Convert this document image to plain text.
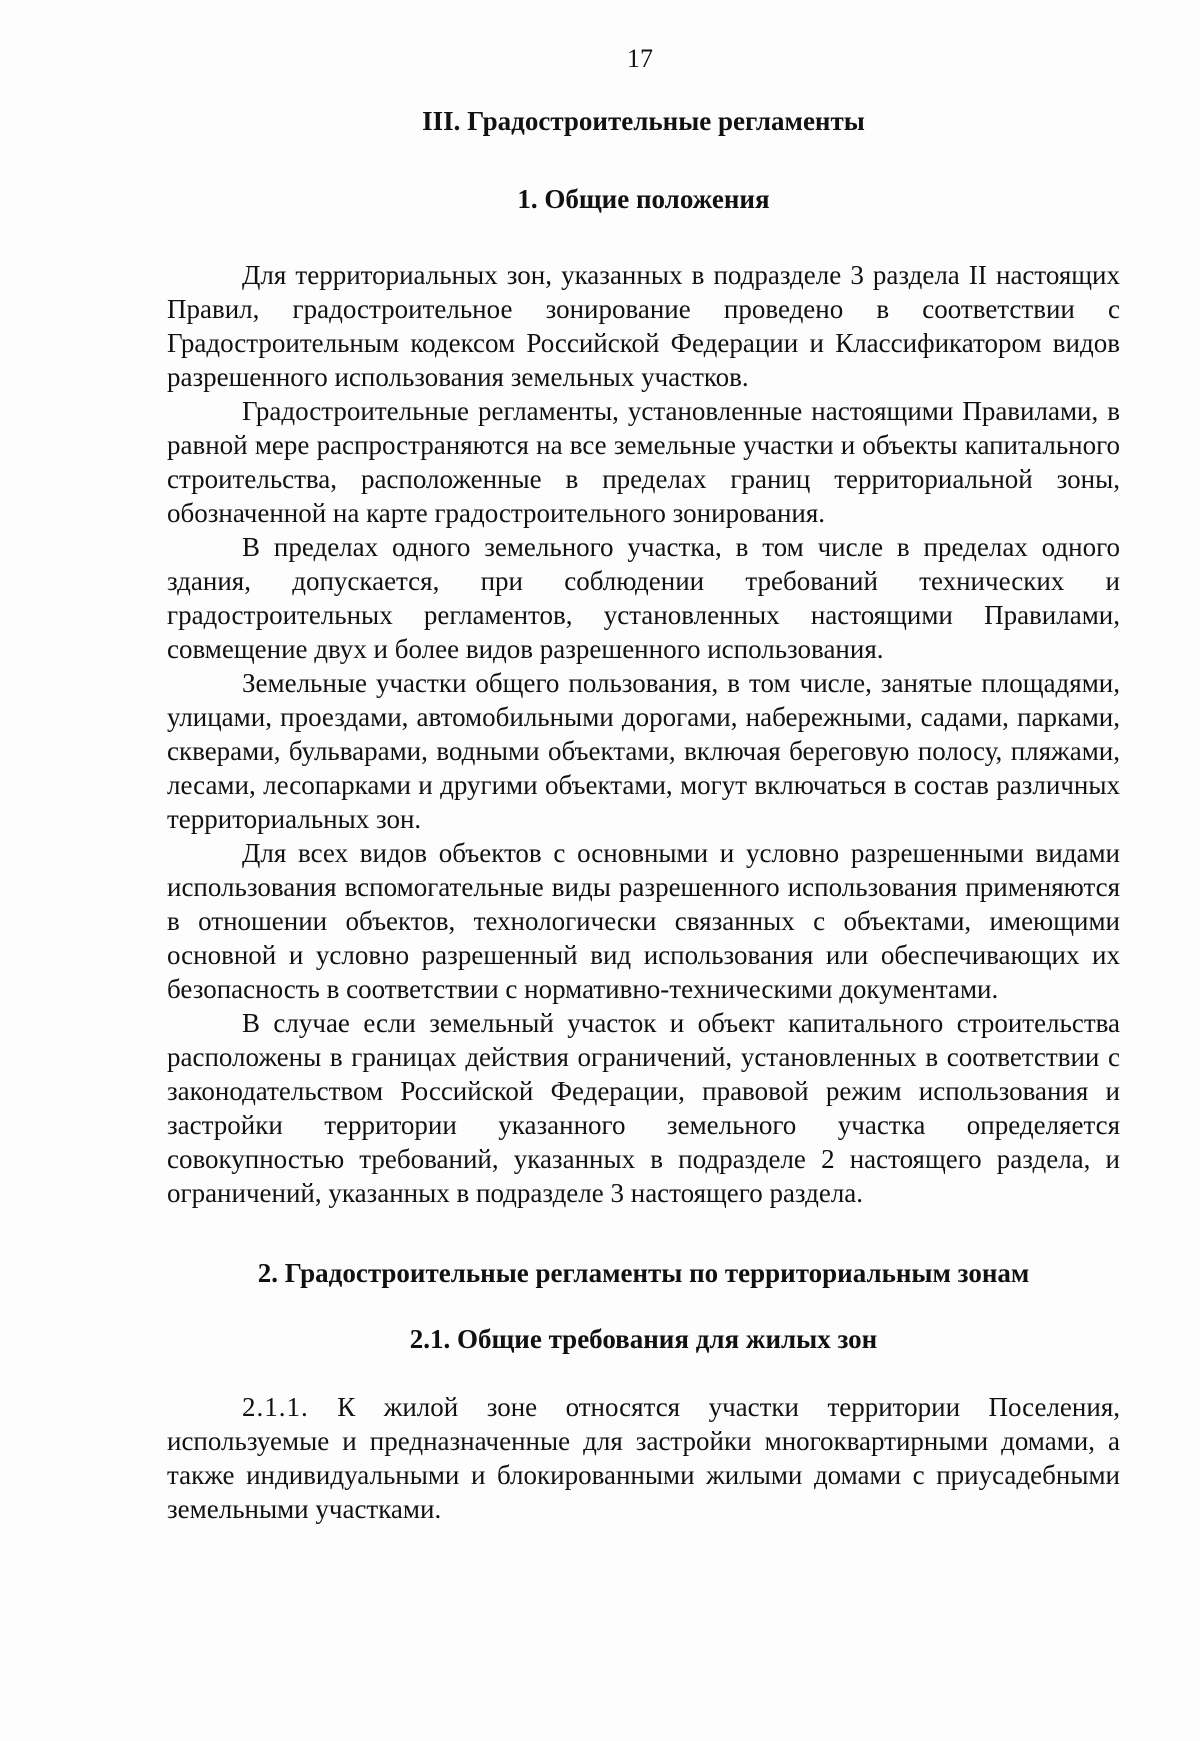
17
III. Градостроительные регламенты
1. Общие положения

Для территориальных зон, указанных в подразделе 3 раздела II настоящих Правил, градостроительное зонирование проведено в соответствии с Градостроительным кодексом Российской Федерации и Классификатором видов разрешенного использования земельных участков.

Градостроительные регламенты, установленные настоящими Правилами, в равной мере распространяются на все земельные участки и объекты капитального строительства, расположенные в пределах границ территориальной зоны, обозначенной на карте градостроительного зонирования.

В пределах одного земельного участка, в том числе в пределах одного здания, допускается, при соблюдении требований технических и градостроительных регламентов, установленных настоящими Правилами, совмещение двух и более видов разрешенного использования.

Земельные участки общего пользования, в том числе, занятые площадями, улицами, проездами, автомобильными дорогами, набережными, садами, парками, скверами, бульварами, водными объектами, включая береговую полосу, пляжами, лесами, лесопарками и другими объектами, могут включаться в состав различных территориальных зон.

Для всех видов объектов с основными и условно разрешенными видами использования вспомогательные виды разрешенного использования применяются в отношении объектов, технологически связанных с объектами, имеющими основной и условно разрешенный вид использования или обеспечивающих их безопасность в соответствии с нормативно-техническими документами.

В случае если земельный участок и объект капитального строительства расположены в границах действия ограничений, установленных в соответствии с законодательством Российской Федерации, правовой режим использования и застройки территории указанного земельного участка определяется совокупностью требований, указанных в подразделе 2 настоящего раздела, и ограничений, указанных в подразделе 3 настоящего раздела.

2. Градостроительные регламенты по территориальным зонам
2.1. Общие требования для жилых зон

2.1.1. К жилой зоне относятся участки территории Поселения, используемые и предназначенные для застройки многоквартирными домами, а также индивидуальными и блокированными жилыми домами с приусадебными земельными участками.
